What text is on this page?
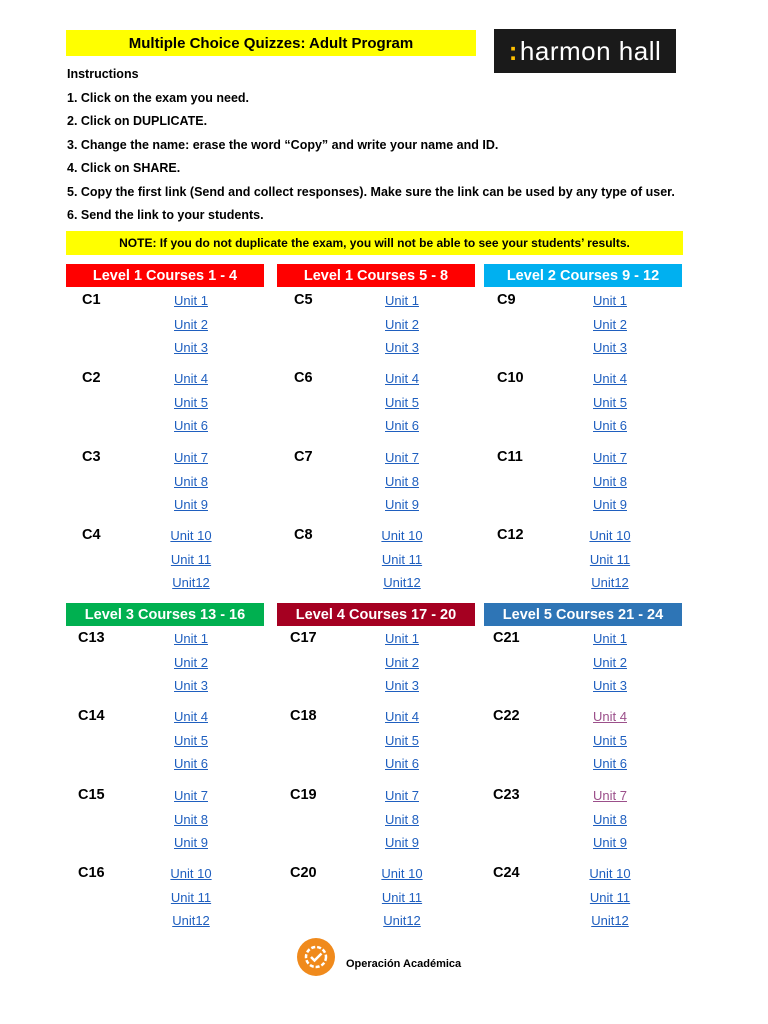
Multiple Choice Quizzes: Adult Program	: harmon hall
Instructions
1. Click on the exam you need.
2. Click on DUPLICATE.
3. Change the name: erase the word “Copy” and write your name and ID.
4. Click on SHARE.
5. Copy the first link (Send and collect responses). Make sure the link can be used by any type of user.
6. Send the link to your students.
NOTE: If you do not duplicate the exam, you will not be able to see your students’ results.
Level 1 Courses 1 - 4
C1	Unit 1
Unit 2
Unit 3
C2	Unit 4
Unit 5
Unit 6
C3	Unit 7
Unit 8
Unit 9
C4	Unit 10
Unit 11
Unit12
Level 1 Courses 5 - 8
C5	Unit 1
Unit 2
Unit 3
C6	Unit 4
Unit 5
Unit 6
C7	Unit 7
Unit 8
Unit 9
C8	Unit 10
Unit 11
Unit12
Level 2 Courses 9 - 12
C9	Unit 1
Unit 2
Unit 3
C10	Unit 4
Unit 5
Unit 6
C11	Unit 7
Unit 8
Unit 9
C12	Unit 10
Unit 11
Unit12
Level 3 Courses 13 - 16
C13	Unit 1
Unit 2
Unit 3
C14	Unit 4
Unit 5
Unit 6
C15	Unit 7
Unit 8
Unit 9
C16	Unit 10
Unit 11
Unit12
Level 4 Courses 17 - 20
C17	Unit 1
Unit 2
Unit 3
C18	Unit 4
Unit 5
Unit 6
C19	Unit 7
Unit 8
Unit 9
C20	Unit 10
Unit 11
Unit12
Level 5 Courses 21 - 24
C21	Unit 1
Unit 2
Unit 3
C22	Unit 4
Unit 5
Unit 6
C23	Unit 7
Unit 8
Unit 9
C24	Unit 10
Unit 11
Unit12
Operación Académica
